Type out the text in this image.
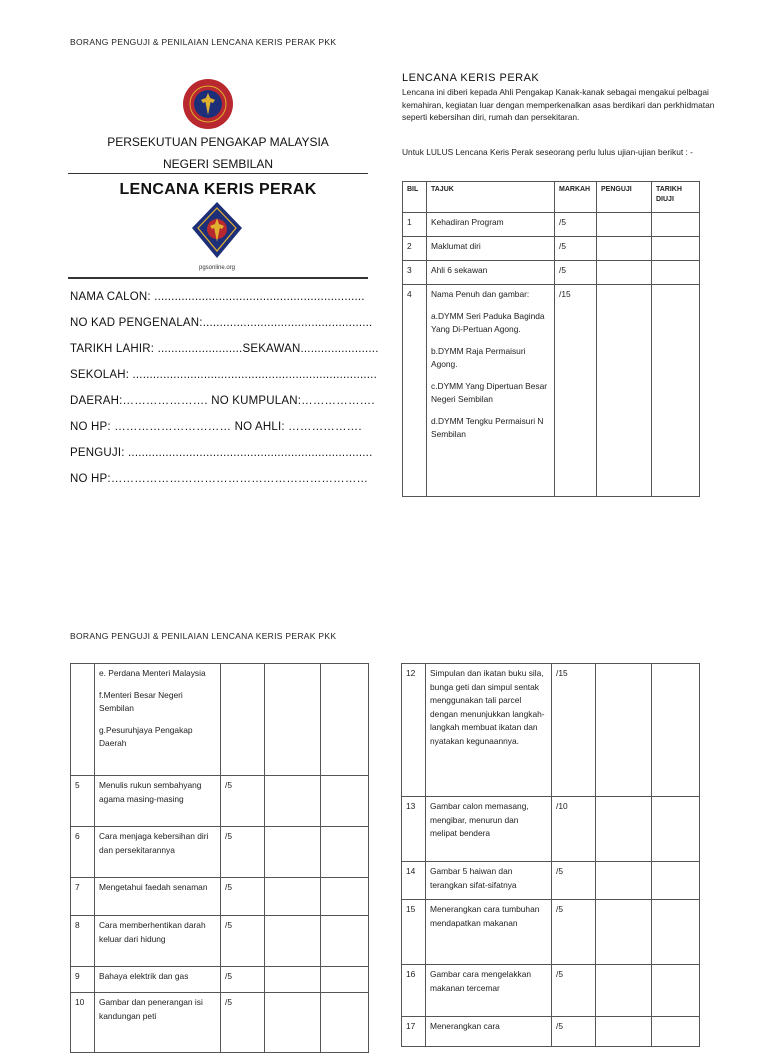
BORANG PENGUJI & PENILAIAN LENCANA KERIS PERAK PKK
PERSEKUTUAN PENGAKAP MALAYSIA
NEGERI SEMBILAN
LENCANA KERIS PERAK
pgsonline.org
NAMA CALON: ..............................................................
NO KAD PENGENALAN:..................................................
TARIKH LAHIR: .........................SEKAWAN.......................
SEKOLAH: ........................................................................
DAERAH:…………………. NO KUMPULAN:……………….
NO HP: ………………………… NO AHLI: ……………….
PENGUJI: ........................................................................
NO HP:…………………………………………………………
LENCANA KERIS PERAK
Lencana ini diberi kepada Ahli Pengakap Kanak-kanak sebagai mengakui pelbagai kemahiran, kegiatan luar dengan memperkenalkan asas berdikari dan perkhidmatan seperti kebersihan diri, rumah dan persekitaran.
Untuk LULUS Lencana Keris Perak seseorang perlu lulus ujian-ujian berikut : -
BIL	TAJUK	MARKAH	PENGUJI	TARIKH DIUJI
1	Kehadiran Program	/5		
2	Maklumat diri	/5		
3	Ahli 6 sekawan	/5		
4	Nama Penuh dan gambar:
a.DYMM Seri Paduka Baginda Yang Di-Pertuan Agong.
b.DYMM Raja Permaisuri Agong.
c.DYMM Yang Dipertuan Besar Negeri Sembilan
d.DYMM Tengku Permaisuri N Sembilan	/15		
BORANG PENGUJI & PENILAIAN LENCANA KERIS PERAK PKK

	e. Perdana Menteri Malaysia
f.Menteri Besar Negeri Sembilan
g.Pesuruhjaya Pengakap Daerah			

5	Menulis rukun sembahyang agama masing-masing	/5		
6	Cara menjaga kebersihan diri dan persekitarannya	/5		
7	Mengetahui faedah senaman	/5		
8	Cara memberhentikan darah keluar dari hidung	/5		
9	Bahaya elektrik dan gas	/5		
10	Gambar dan penerangan isi kandungan peti	/5		
12	Simpulan dan ikatan buku sila, bunga geti dan simpul sentak menggunakan tali parcel dengan menunjukkan langkah-langkah membuat ikatan dan nyatakan kegunaannya.	/15		
13	Gambar calon memasang, mengibar, menurun dan melipat bendera	/10		
14	Gambar 5 haiwan dan terangkan sifat-sifatnya	/5		
15	Menerangkan cara tumbuhan mendapatkan makanan	/5		
16	Gambar cara mengelakkan makanan tercemar	/5		
17	Menerangkan cara	/5		
